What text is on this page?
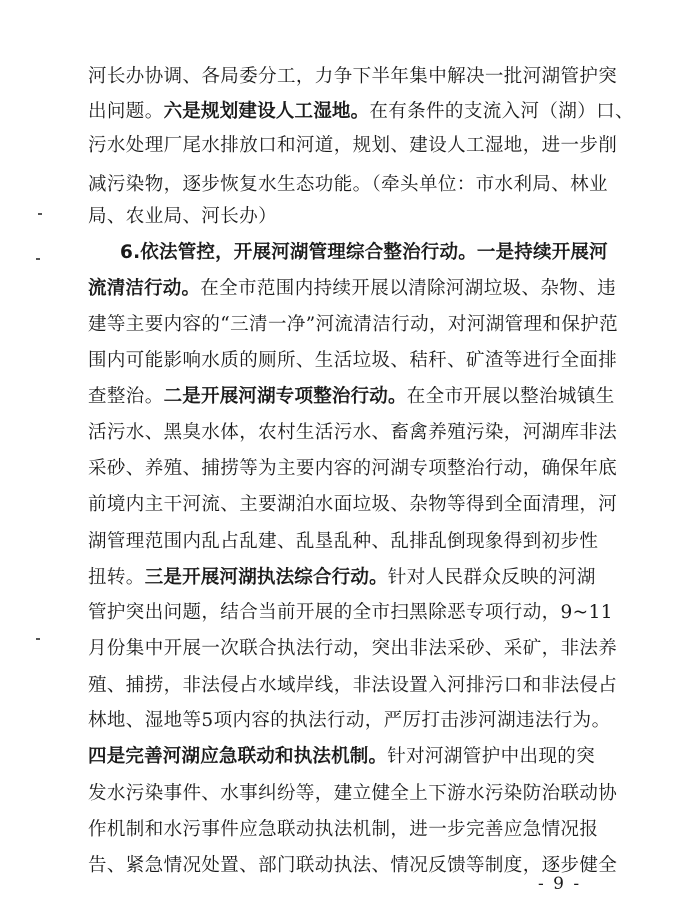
河长办协调、各局委分工，力争下半年集中解决一批河湖管护突
出问题。六是规划建设人工湿地。在有条件的支流入河（湖）口、
污水处理厂尾水排放口和河道，规划、建设人工湿地，进一步削
减污染物，逐步恢复水生态功能。（牵头单位：市水利局、林业
局、农业局、河长办）
6.依法管控，开展河湖管理综合整治行动。一是持续开展河
流清洁行动。在全市范围内持续开展以清除河湖垃圾、杂物、违
建等主要内容的“三清一净”河流清洁行动，对河湖管理和保护范
围内可能影响水质的厕所、生活垃圾、秸秆、矿渣等进行全面排
查整治。二是开展河湖专项整治行动。在全市开展以整治城镇生
活污水、黑臭水体，农村生活污水、畜禽养殖污染，河湖库非法
采砂、养殖、捕捞等为主要内容的河湖专项整治行动，确保年底
前境内主干河流、主要湖泊水面垃圾、杂物等得到全面清理，河
湖管理范围内乱占乱建、乱垦乱种、乱排乱倒现象得到初步性
扭转。三是开展河湖执法综合行动。针对人民群众反映的河湖
管护突出问题，结合当前开展的全市扫黑除恶专项行动，9~11
月份集中开展一次联合执法行动，突出非法采砂、采矿，非法养
殖、捕捞，非法侵占水域岸线，非法设置入河排污口和非法侵占
林地、湿地等5项内容的执法行动，严厉打击涉河湖违法行为。
四是完善河湖应急联动和执法机制。针对河湖管护中出现的突
发水污染事件、水事纠纷等，建立健全上下游水污染防治联动协
作机制和水污事件应急联动执法机制，进一步完善应急情况报
告、紧急情况处置、部门联动执法、情况反馈等制度，逐步健全
- 9 -
